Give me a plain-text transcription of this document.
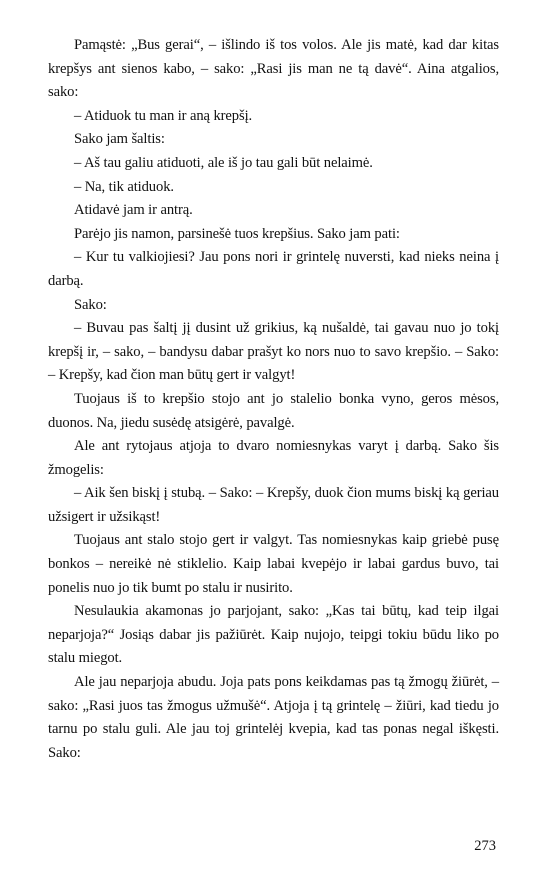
Pamąstė: „Bus gerai“, – išlindo iš tos volos. Ale jis matė, kad dar kitas krepšys ant sienos kabo, – sako: „Rasi jis man ne tą davė“. Aina atgalios, sako:

– Atiduok tu man ir aną krepšį.

Sako jam šaltis:

– Aš tau galiu atiduoti, ale iš jo tau gali būt nelaimė.

– Na, tik atiduok.

Atidavė jam ir antrą.

Parėjo jis namon, parsinešė tuos krepšius. Sako jam pati:

– Kur tu valkiojiesi? Jau pons nori ir grintelę nuversti, kad nieks neina į darbą.

Sako:

– Buvau pas šaltį jį dusint už grikius, ką nušaldė, tai gavau nuo jo tokį krepšį ir, – sako, – bandysu dabar prašyt ko nors nuo to savo krepšio. – Sako: – Krepšy, kad čion man būtų gert ir valgyt!

Tuojaus iš to krepšio stojo ant jo stalelio bonka vyno, geros mėsos, duonos. Na, jiedu susėdę atsigėrė, pavalgė.

Ale ant rytojaus atjoja to dvaro nomiesnykas varyt į darbą. Sako šis žmogelis:

– Aik šen biskį į stubą. – Sako: – Krepšy, duok čion mums biskį ką geriau užsigert ir užsikąst!

Tuojaus ant stalo stojo gert ir valgyt. Tas nomiesnykas kaip griebė pusę bonkos – nereikė nė stiklelio. Kaip labai kvepėjo ir labai gardus buvo, tai ponelis nuo jo tik bumt po stalu ir nusirito.

Nesulaukia akamonas jo parjojant, sako: „Kas tai būtų, kad teip ilgai neparjoja?“ Josiąs dabar jis pažiūrėt. Kaip nujojo, teipgi tokiu būdu liko po stalu miegot.

Ale jau neparjoja abudu. Joja pats pons keikdamas pas tą žmogų žiūrėt, – sako: „Rasi juos tas žmogus užmušė“. Atjoja į tą grintelę – žiūri, kad tiedu jo tarnu po stalu guli. Ale jau toj grintelėj kvepia, kad tas ponas negal iškęsti. Sako:

273
